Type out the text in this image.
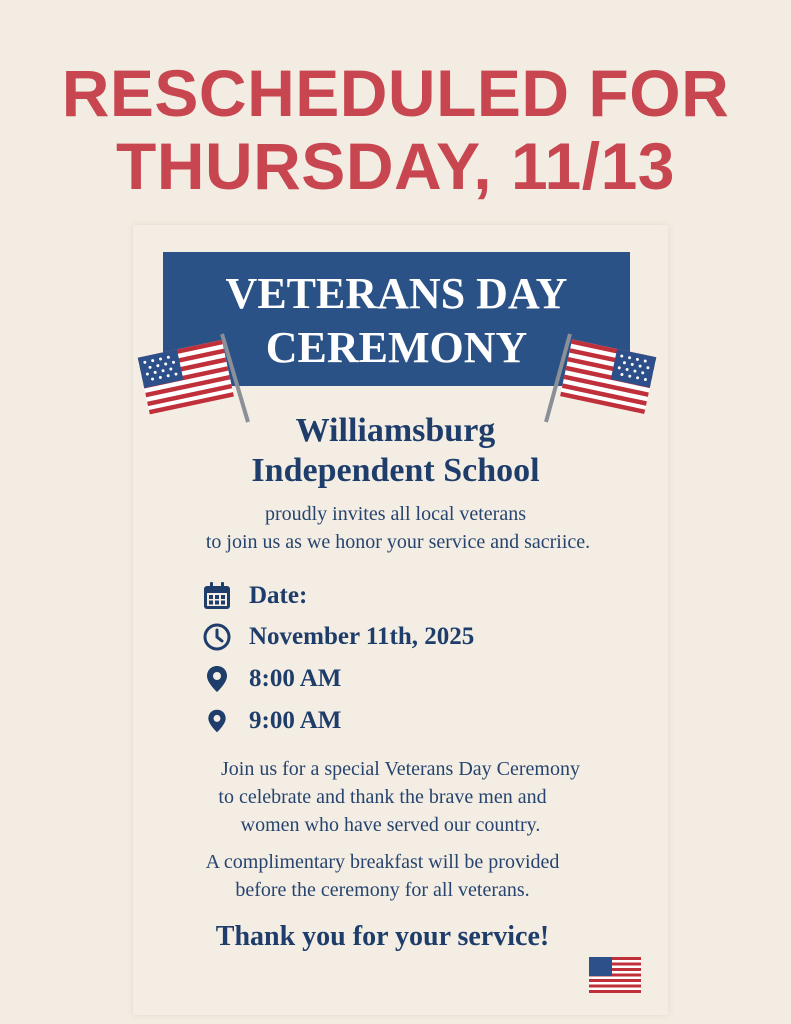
RESCHEDULED FOR
THURSDAY, 11/13
VETERANS DAY
CEREMONY
Williamsburg
Independent School
proudly invites all local veterans
to join us as we honor your service and sacriice.
Date:
November 11th, 2025
8:00 AM
9:00 AM
Join us for a special Veterans Day Ceremony
to celebrate and thank the brave men and
women who have served our country.
A complimentary breakfast will be provided
before the ceremony for all veterans.
Thank you for your service!
